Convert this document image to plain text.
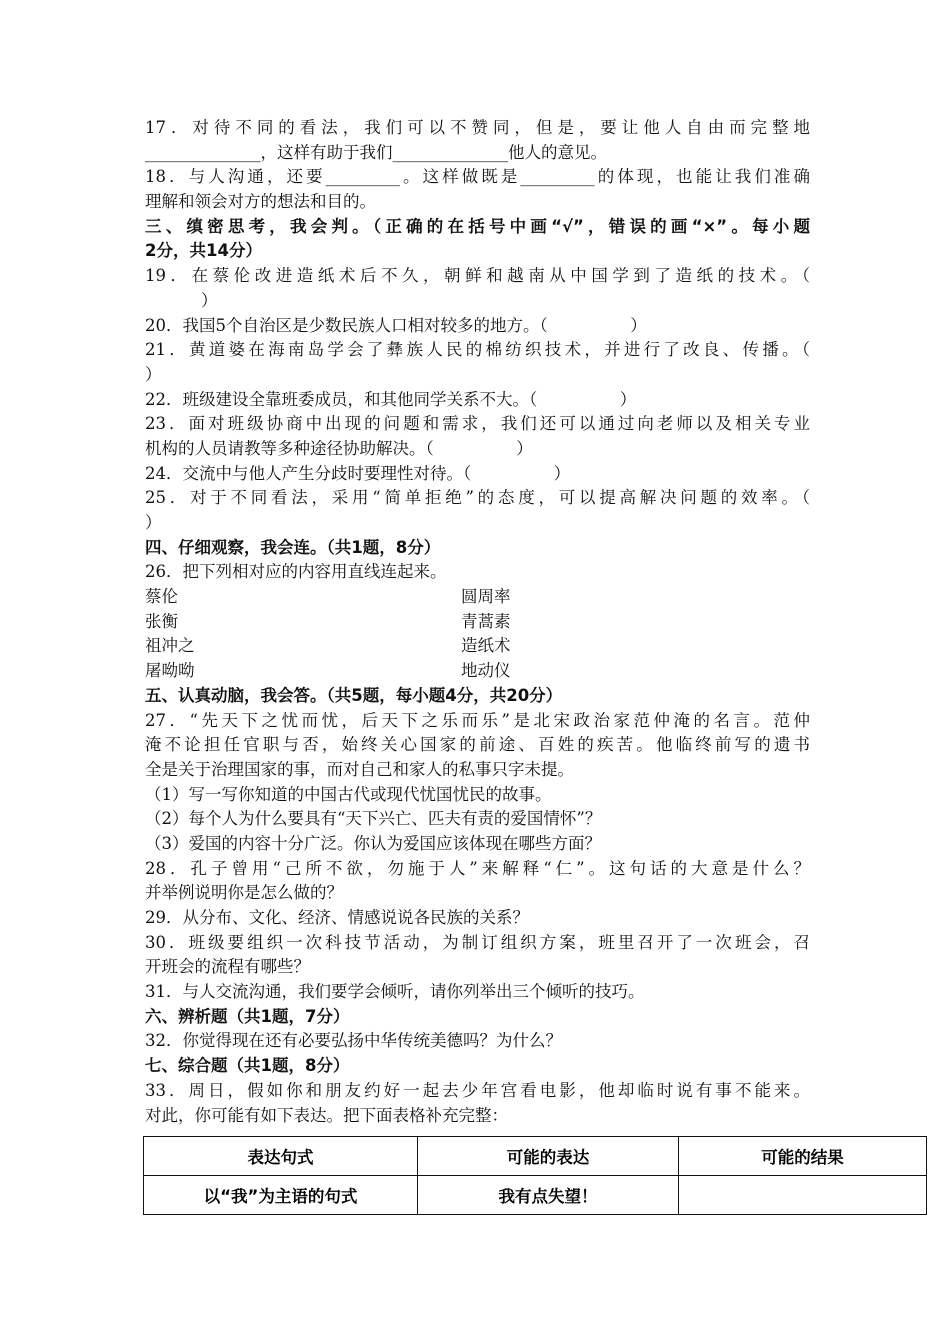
17．对待不同的看法，我们可以不赞同，但是，要让他人自由而完整地
______________，这样有助于我们______________他人的意见。
18．与人沟通，还要_________。这样做既是_________的体现，也能让我们准确
理解和领会对方的想法和目的。
三、缜密思考，我会判。（正确的在括号中画“√”，错误的画“×”。每小题
2分，共14分）
19．在蔡伦改进造纸术后不久，朝鲜和越南从中国学到了造纸的技术。（
）
20．我国5个自治区是少数民族人口相对较多的地方。（　　　　　）
21．黄道婆在海南岛学会了彝族人民的棉纺织技术，并进行了改良、传播。（
）
22．班级建设全靠班委成员，和其他同学关系不大。（　　　　　）
23．面对班级协商中出现的问题和需求，我们还可以通过向老师以及相关专业
机构的人员请教等多种途径协助解决。（　　　　　）
24．交流中与他人产生分歧时要理性对待。（　　　　　）
25．对于不同看法，采用“简单拒绝”的态度，可以提高解决问题的效率。（
）
四、仔细观察，我会连。（共1题，8分）
26．把下列相对应的内容用直线连起来。
蔡伦	圆周率
张衡	青蒿素
祖冲之	造纸术
屠呦呦	地动仪
五、认真动脑，我会答。（共5题，每小题4分，共20分）
27．“先天下之忧而忧，后天下之乐而乐”是北宋政治家范仲淹的名言。范仲
淹不论担任官职与否，始终关心国家的前途、百姓的疾苦。他临终前写的遗书
全是关于治理国家的事，而对自己和家人的私事只字未提。
（1）写一写你知道的中国古代或现代忧国忧民的故事。
（2）每个人为什么要具有“天下兴亡、匹夫有责的爱国情怀”？
（3）爱国的内容十分广泛。你认为爱国应该体现在哪些方面？
28．孔子曾用“己所不欲，勿施于人”来解释“仁”。这句话的大意是什么？
并举例说明你是怎么做的？
29．从分布、文化、经济、情感说说各民族的关系？
30．班级要组织一次科技节活动，为制订组织方案，班里召开了一次班会，召
开班会的流程有哪些？
31．与人交流沟通，我们要学会倾听，请你列举出三个倾听的技巧。
六、辨析题（共1题，7分）
32．你觉得现在还有必要弘扬中华传统美德吗？为什么？
七、综合题（共1题，8分）
33．周日，假如你和朋友约好一起去少年宫看电影，他却临时说有事不能来。
对此，你可能有如下表达。把下面表格补充完整：
表达句式	可能的表达	可能的结果
以“我”为主语的句式	我有点失望！	
